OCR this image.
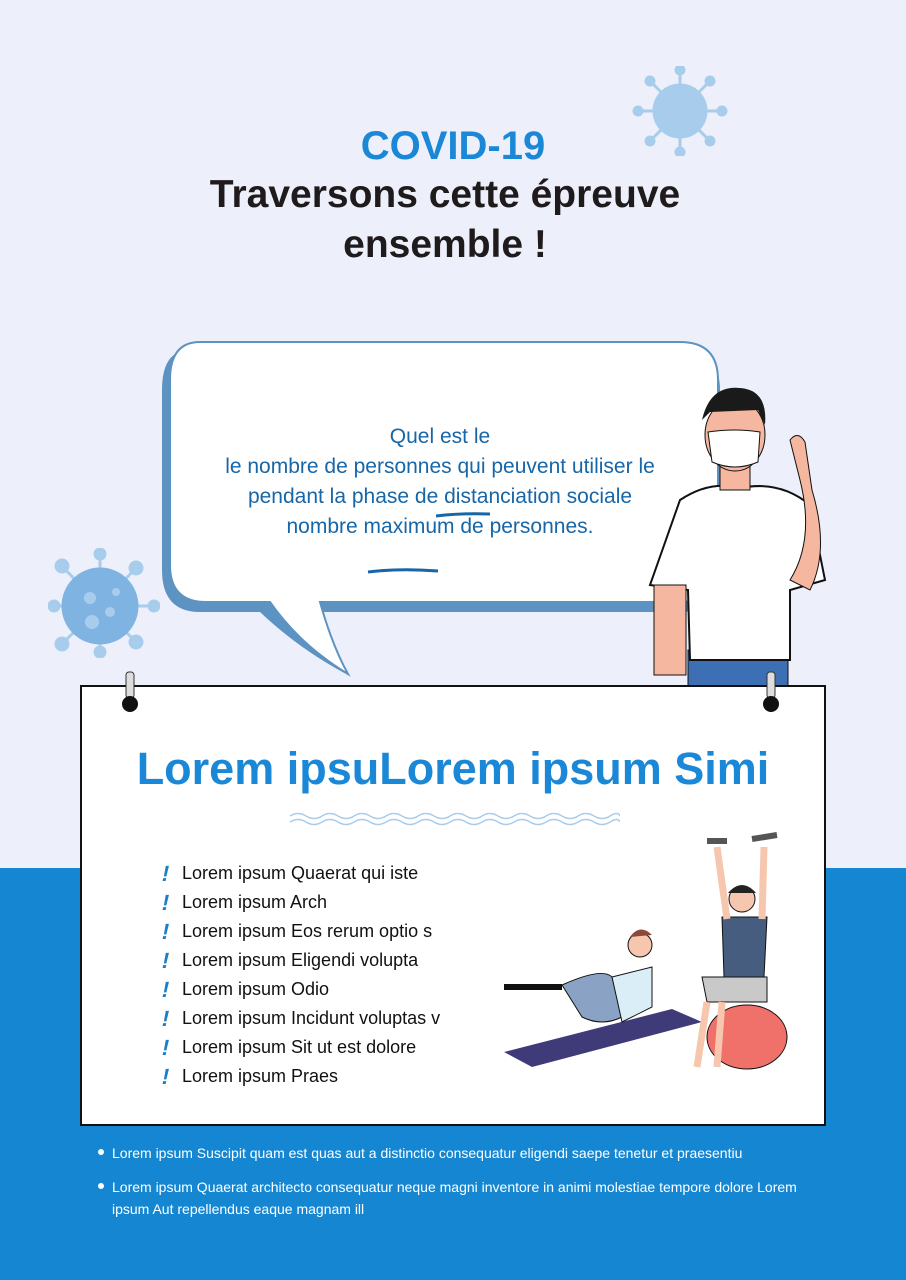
COVID-19
Traversons cette épreuve ensemble !
Quel est le
le nombre de personnes qui peuvent utiliser le
pendant la phase de distanciation sociale
nombre maximum de personnes.
Lorem ipsuLorem ipsum Simi
! Lorem ipsum Quaerat qui iste
! Lorem ipsum Arch
! Lorem ipsum Eos rerum optio s
! Lorem ipsum Eligendi volupta
! Lorem ipsum Odio
! Lorem ipsum Incidunt voluptas v
! Lorem ipsum Sit ut est dolore
! Lorem ipsum Praes
Lorem ipsum Suscipit quam est quas aut a distinctio consequatur eligendi saepe tenetur et praesentiu
Lorem ipsum Quaerat architecto consequatur neque magni inventore in animi molestiae tempore dolore Lorem ipsum Aut repellendus eaque magnam ill
